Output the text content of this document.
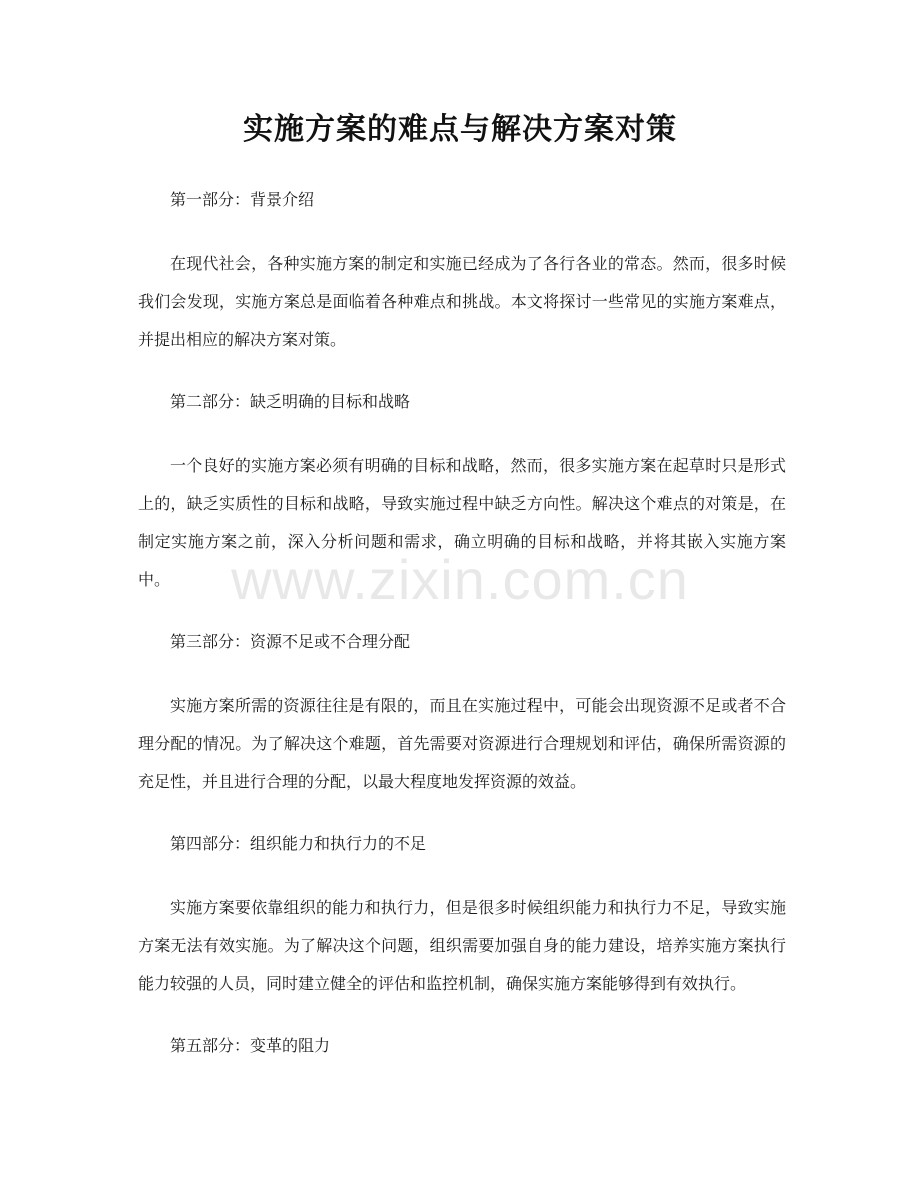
实施方案的难点与解决方案对策
www.zixin.com.cn

第一部分：背景介绍

在现代社会，各种实施方案的制定和实施已经成为了各行各业的常态。然而，很多时候我们会发现，实施方案总是面临着各种难点和挑战。本文将探讨一些常见的实施方案难点，并提出相应的解决方案对策。

第二部分：缺乏明确的目标和战略

一个良好的实施方案必须有明确的目标和战略，然而，很多实施方案在起草时只是形式上的，缺乏实质性的目标和战略，导致实施过程中缺乏方向性。解决这个难点的对策是，在制定实施方案之前，深入分析问题和需求，确立明确的目标和战略，并将其嵌入实施方案中。

第三部分：资源不足或不合理分配

实施方案所需的资源往往是有限的，而且在实施过程中，可能会出现资源不足或者不合理分配的情况。为了解决这个难题，首先需要对资源进行合理规划和评估，确保所需资源的充足性，并且进行合理的分配，以最大程度地发挥资源的效益。

第四部分：组织能力和执行力的不足

实施方案要依靠组织的能力和执行力，但是很多时候组织能力和执行力不足，导致实施方案无法有效实施。为了解决这个问题，组织需要加强自身的能力建设，培养实施方案执行能力较强的人员，同时建立健全的评估和监控机制，确保实施方案能够得到有效执行。

第五部分：变革的阻力
